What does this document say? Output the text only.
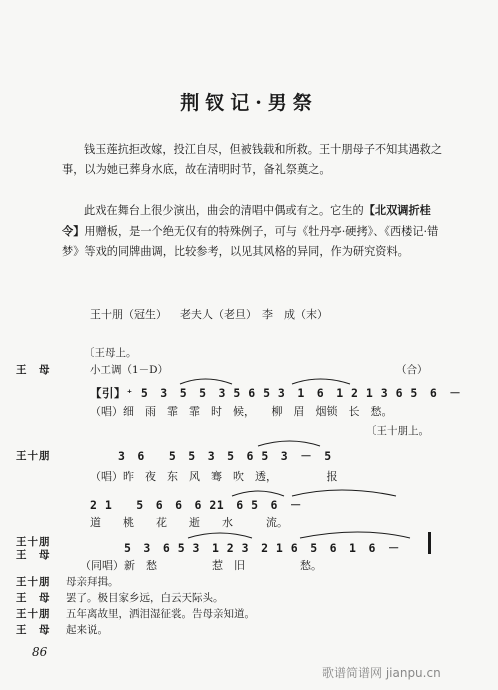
荆钗记·男祭

钱玉莲抗拒改嫁，投江自尽，但被钱载和所救。王十朋母子不知其遇救之事，以为她已葬身水底，故在清明时节，备礼祭奠之。

此戏在舞台上很少演出，曲会的清唱中偶或有之。它生的【北双调折桂令】用赠板，是一个绝无仅有的特殊例子，可与《牡丹亭·硬拷》、《西楼记·错梦》等戏的同牌曲调，比较参考，以见其风格的异同，作为研究资料。

王十朋（冠生） 老夫人（老旦） 李　成（末）
〔王母上。
王　母	小工调（1－D）	（合）
【引】⁺ 5　3　5　5　3 5 6 5 3　1　6　1 2 1 3 6 5　6　－
（唱）细　雨　霏　霏　时　候，　　柳　眉　烟锁　长　愁。
〔王十朋上。
王十朋	3　6　　5　5　3　5　6 5　3　－　5
（唱）昨　夜　东　风　骞　吹　透，　　　　　报
2 1　　5　6　6　6 21　6 5　6　－
道　　桃　　花　　逝　　水　　　流。
王十朋
王　母	5　3　6 5 3　1 2 3　2 1 6　5　6　1　6　－
（同唱）新　愁　　　　　惹　旧　　　　　愁。
王十朋 母亲拜揖。
王　母 罢了。极目家乡远，白云天际头。
王十朋 五年离故里，洒泪湿征裳。告母亲知道。
王　母 起来说。
86
歌谱简谱网 jianpu.cn
